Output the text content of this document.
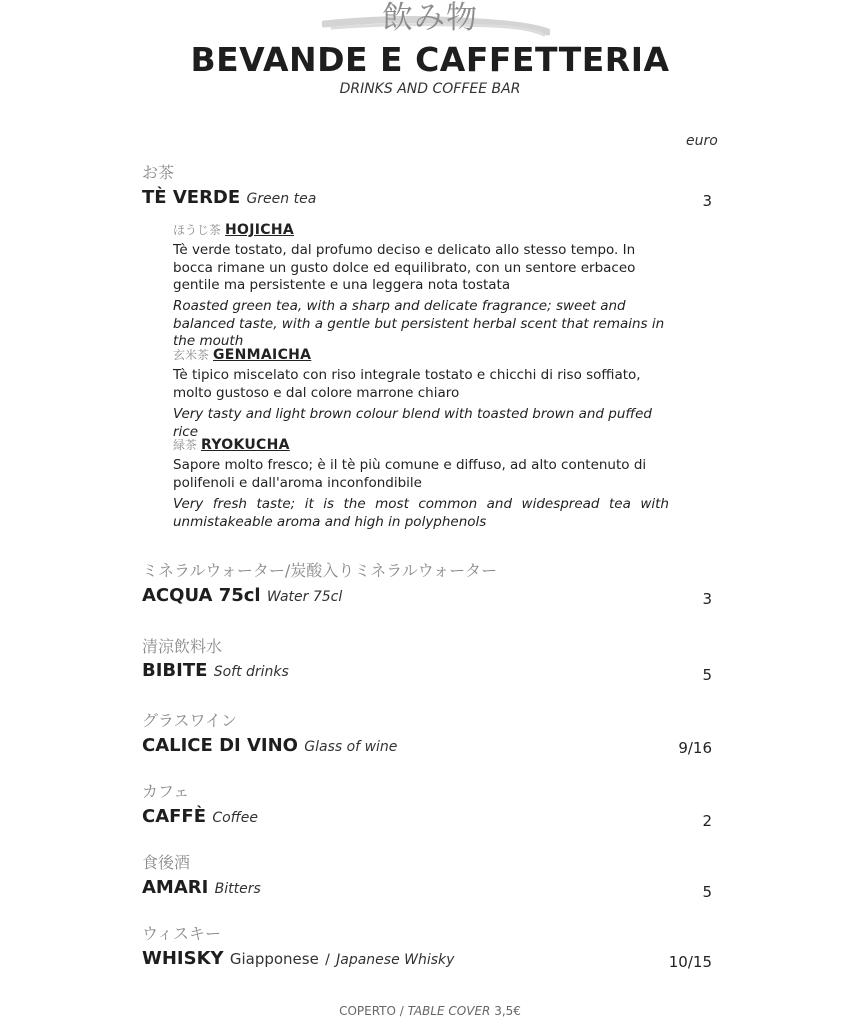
飲み物
BEVANDE E CAFFETTERIA
DRINKS AND COFFEE BAR
euro
お茶
TÈ VERDE Green tea	3
ほうじ茶 HOJICHA
Tè verde tostato, dal profumo deciso e delicato allo stesso tempo. In bocca rimane un gusto dolce ed equilibrato, con un sentore erbaceo gentile ma persistente e una leggera nota tostata
Roasted green tea, with a sharp and delicate fragrance; sweet and balanced taste, with a gentle but persistent herbal scent that remains in the mouth
玄米茶 GENMAICHA
Tè tipico miscelato con riso integrale tostato e chicchi di riso soffiato, molto gustoso e dal colore marrone chiaro
Very tasty and light brown colour blend with toasted brown and puffed rice
緑茶 RYOKUCHA
Sapore molto fresco; è il tè più comune e diffuso, ad alto contenuto di polifenoli e dall'aroma inconfondibile
Very fresh taste; it is the most common and widespread tea with unmistakeable aroma and high in polyphenols
ミネラルウォーター/炭酸入りミネラルウォーター
ACQUA 75cl Water 75cl	3
清涼飲料水
BIBITE Soft drinks	5
グラスワイン
CALICE DI VINO Glass of wine	9/16
カフェ
CAFFÈ Coffee	2
食後酒
AMARI Bitters	5
ウィスキー
WHISKY Giapponese / Japanese Whisky	10/15
COPERTO / TABLE COVER 3,5€
